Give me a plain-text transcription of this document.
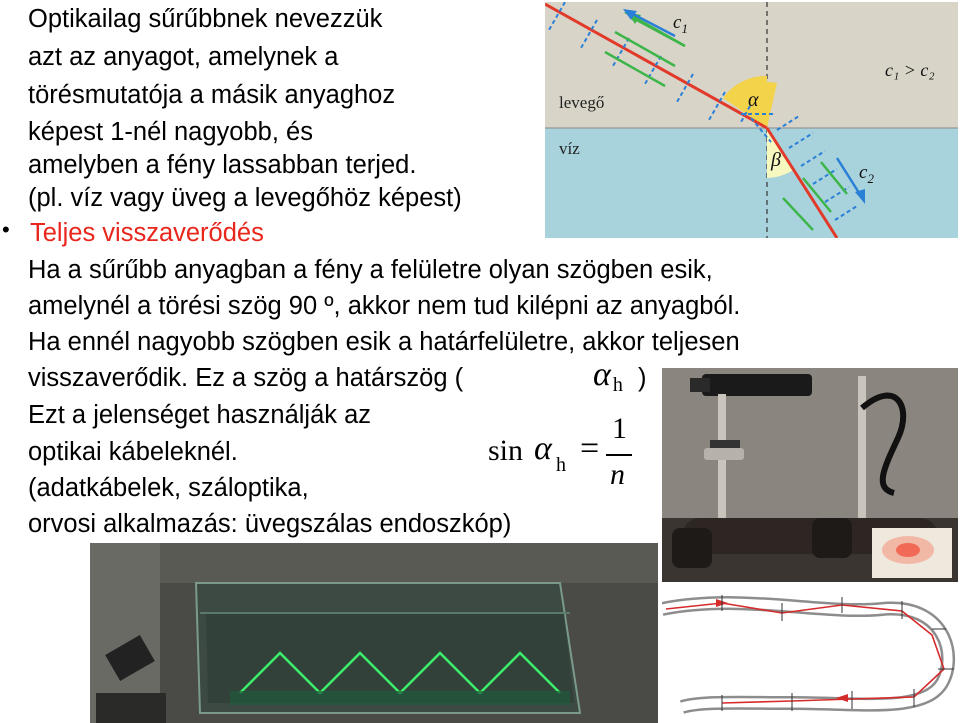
Optikailag sűrűbbnek nevezzük
azt az anyagot, amelynek a
törésmutatója a másik anyaghoz
képest 1-nél nagyobb, és
amelyben a fény lassabban terjed.
(pl. víz vagy üveg a levegőhöz képest)
• Teljes visszaverődés
Ha a sűrűbb anyagban a fény a felületre olyan szögben esik,
amelynél a törési szög 90 º, akkor nem tud kilépni az anyagból.
Ha ennél nagyobb szögben esik a határfelületre, akkor teljesen
visszaverődik. Ez a szög a határszög (
Ezt a jelenséget használják az
optikai kábeleknél.
(adatkábelek, száloptika,
orvosi alkalmazás: üvegszálas endoszkóp)
αh )
sin α h =
1
n
levegő
víz
$c_1$
$c_2$
c₁ > c₂
α
β
